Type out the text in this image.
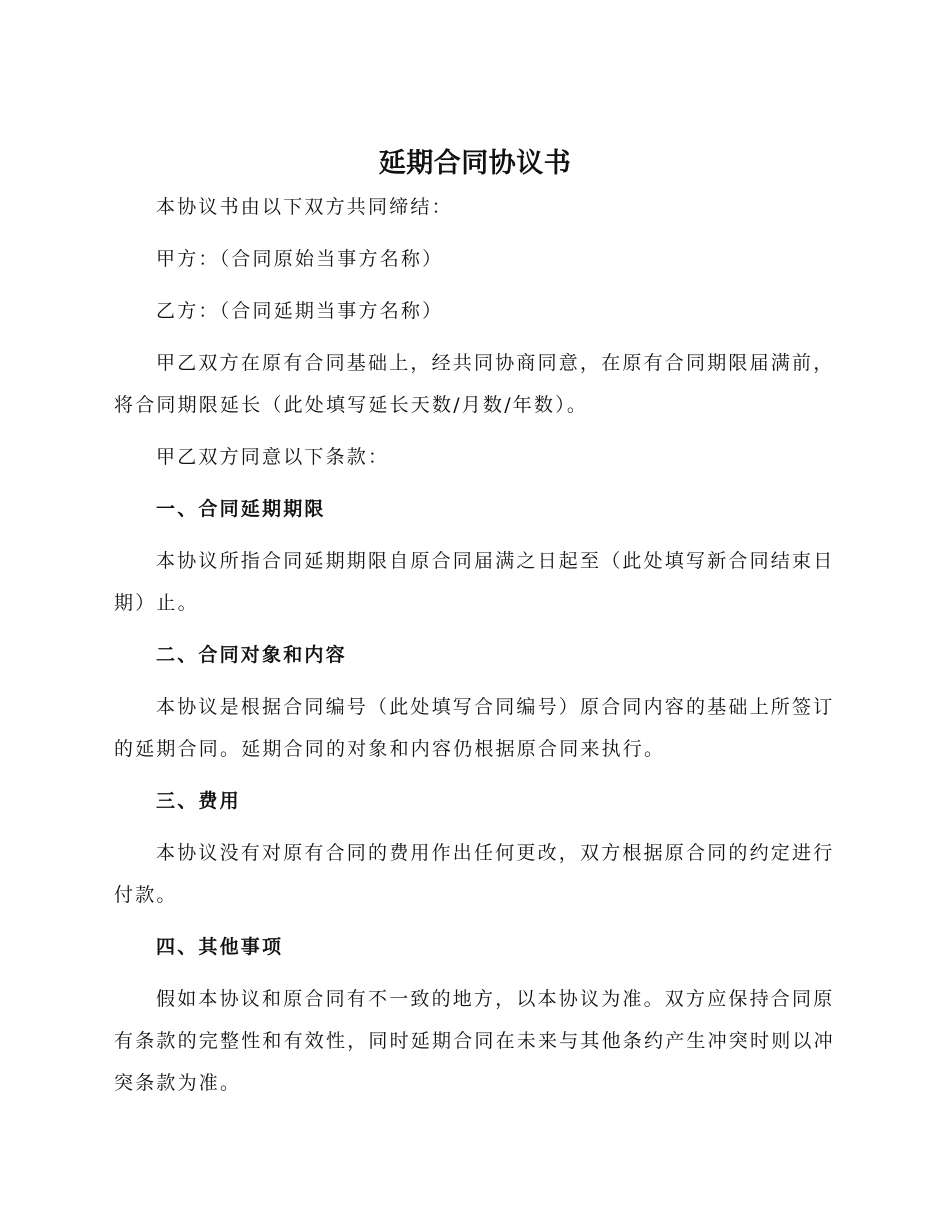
延期合同协议书

本协议书由以下双方共同缔结：

甲方：（合同原始当事方名称）

乙方：（合同延期当事方名称）

甲乙双方在原有合同基础上，经共同协商同意，在原有合同期限届满前，将合同期限延长（此处填写延长天数/月数/年数）。

甲乙双方同意以下条款：

一、合同延期期限

本协议所指合同延期期限自原合同届满之日起至（此处填写新合同结束日期）止。

二、合同对象和内容

本协议是根据合同编号（此处填写合同编号）原合同内容的基础上所签订的延期合同。延期合同的对象和内容仍根据原合同来执行。

三、费用

本协议没有对原有合同的费用作出任何更改，双方根据原合同的约定进行付款。

四、其他事项

假如本协议和原合同有不一致的地方，以本协议为准。双方应保持合同原有条款的完整性和有效性，同时延期合同在未来与其他条约产生冲突时则以冲突条款为准。
